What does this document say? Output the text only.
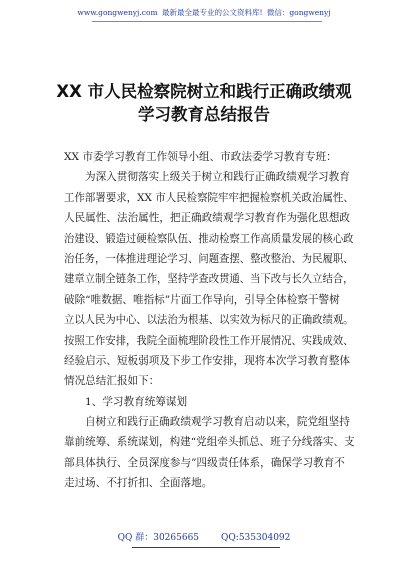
www.gongwenyj.com 最新最全最专业的公文资料库! 微信：gongwenyj
XX 市人民检察院树立和践行正确政绩观
学习教育总结报告
XX 市委学习教育工作领导小组、市政法委学习教育专班：
为深入贯彻落实上级关于树立和践行正确政绩观学习教育
工作部署要求，XX 市人民检察院牢牢把握检察机关政治属性、
人民属性、法治属性，把正确政绩观学习教育作为强化思想政
治建设、锻造过硬检察队伍、推动检察工作高质量发展的核心政
治任务，一体推进理论学习、问题查摆、整改整治、为民履职、
建章立制全链条工作，坚持学查改贯通、当下改与长久立结合，
破除“唯数据、唯指标”片面工作导向，引导全体检察干警树
立以人民为中心、以法治为根基、以实效为标尺的正确政绩观。
按照工作安排，我院全面梳理阶段性工作开展情况、实践成效、
经验启示、短板弱项及下步工作安排，现将本次学习教育整体
情况总结汇报如下：
1、学习教育统筹谋划
自树立和践行正确政绩观学习教育启动以来，院党组坚持
靠前统筹、系统谋划，构建“党组牵头抓总、班子分线落实、支
部具体执行、全员深度参与”四级责任体系，确保学习教育不
走过场、不打折扣、全面落地。
QQ 群：30265665 QQ:535304092
